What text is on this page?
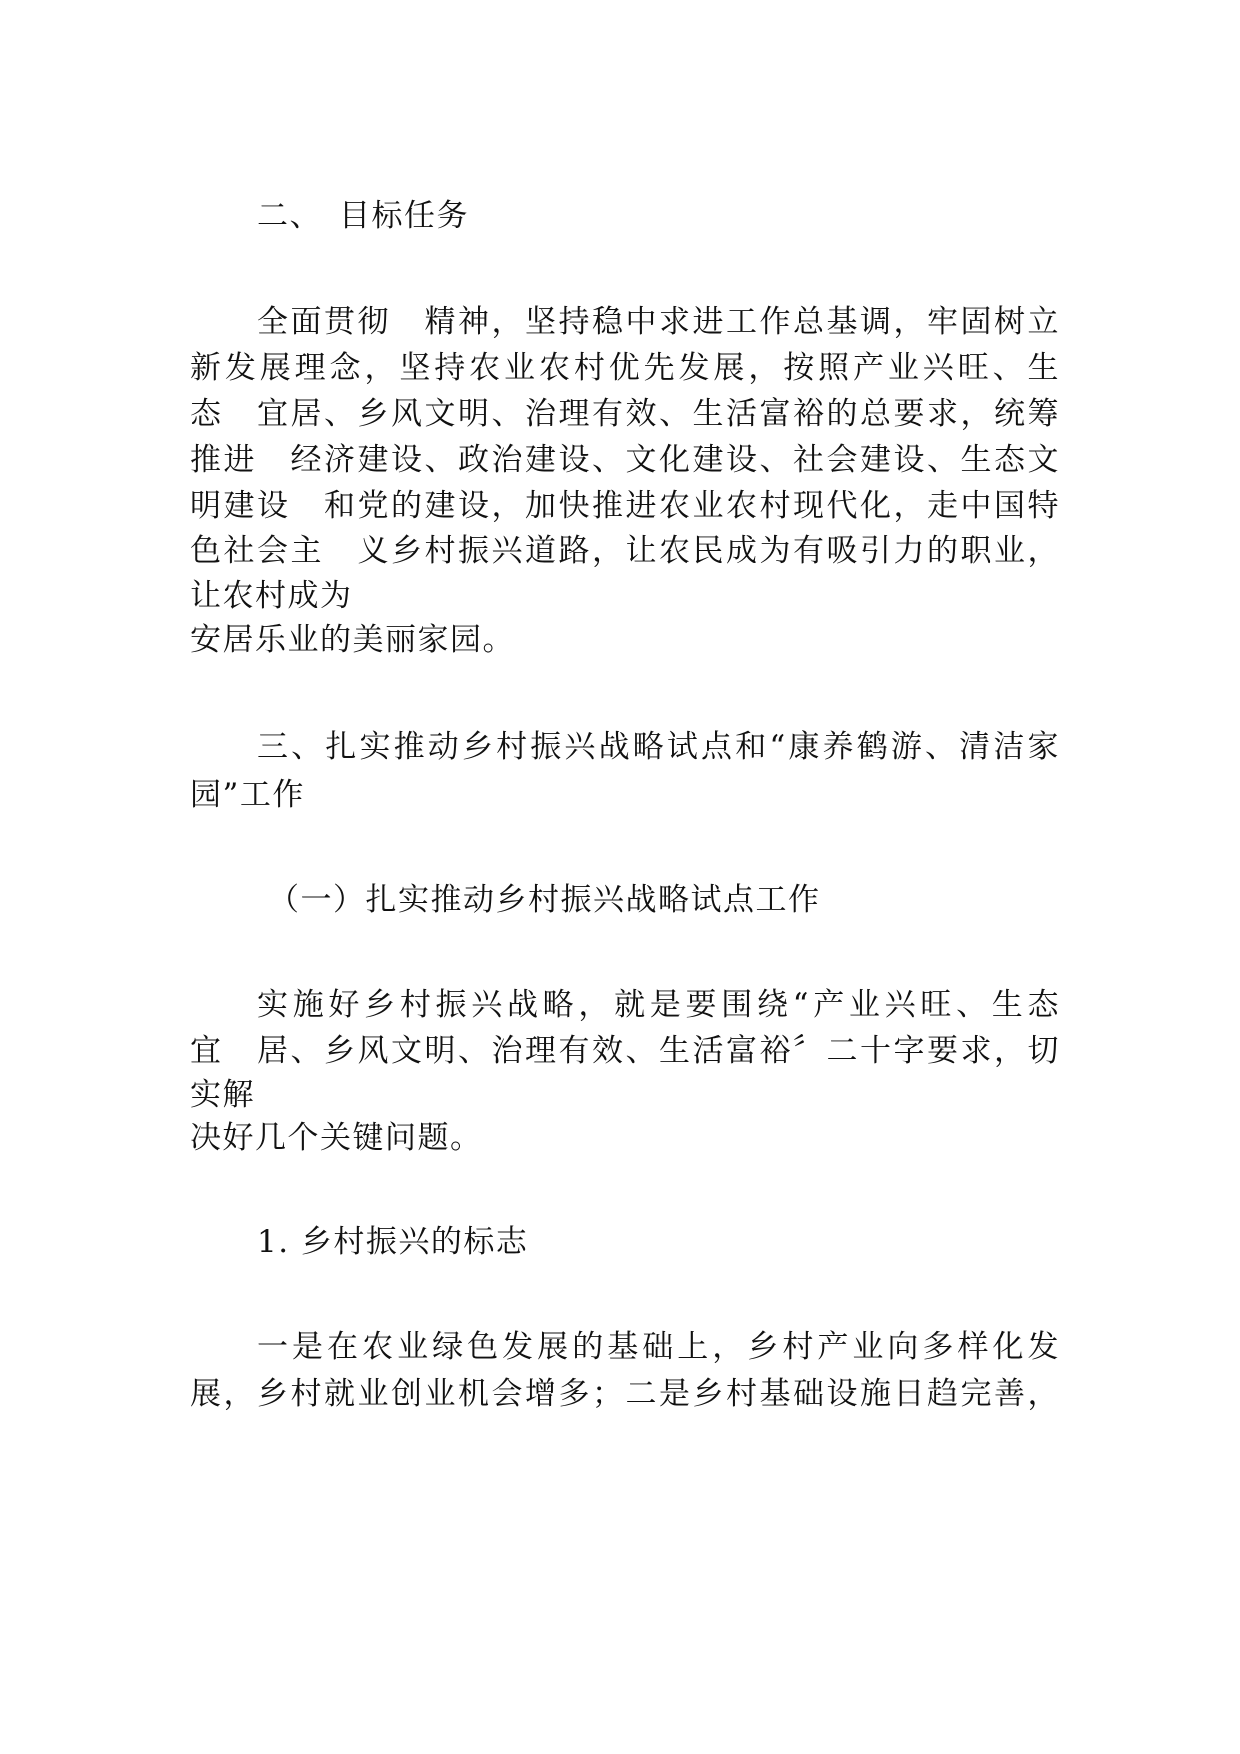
二、　目标任务
全面贯彻　精神，坚持稳中求进工作总基调，牢固树立
新发展理念，坚持农业农村优先发展，按照产业兴旺、生
态　宜居、乡风文明、治理有效、生活富裕的总要求，统筹
推进　经济建设、政治建设、文化建设、社会建设、生态文
明建设　和党的建设，加快推进农业农村现代化，走中国特
色社会主　义乡村振兴道路，让农民成为有吸引力的职业，
让农村成为
安居乐业的美丽家园。
三、扎实推动乡村振兴战略试点和“康养鹤游、清洁家
园”工作
（一）扎实推动乡村振兴战略试点工作
实施好乡村振兴战略，就是要围绕“产业兴旺、生态
宜　居、乡风文明、治理有效、生活富裕〞二十字要求，切
实解
决好几个关键问题。
1. 乡村振兴的标志
一是在农业绿色发展的基础上，乡村产业向多样化发
展，乡村就业创业机会增多；二是乡村基础设施日趋完善，
